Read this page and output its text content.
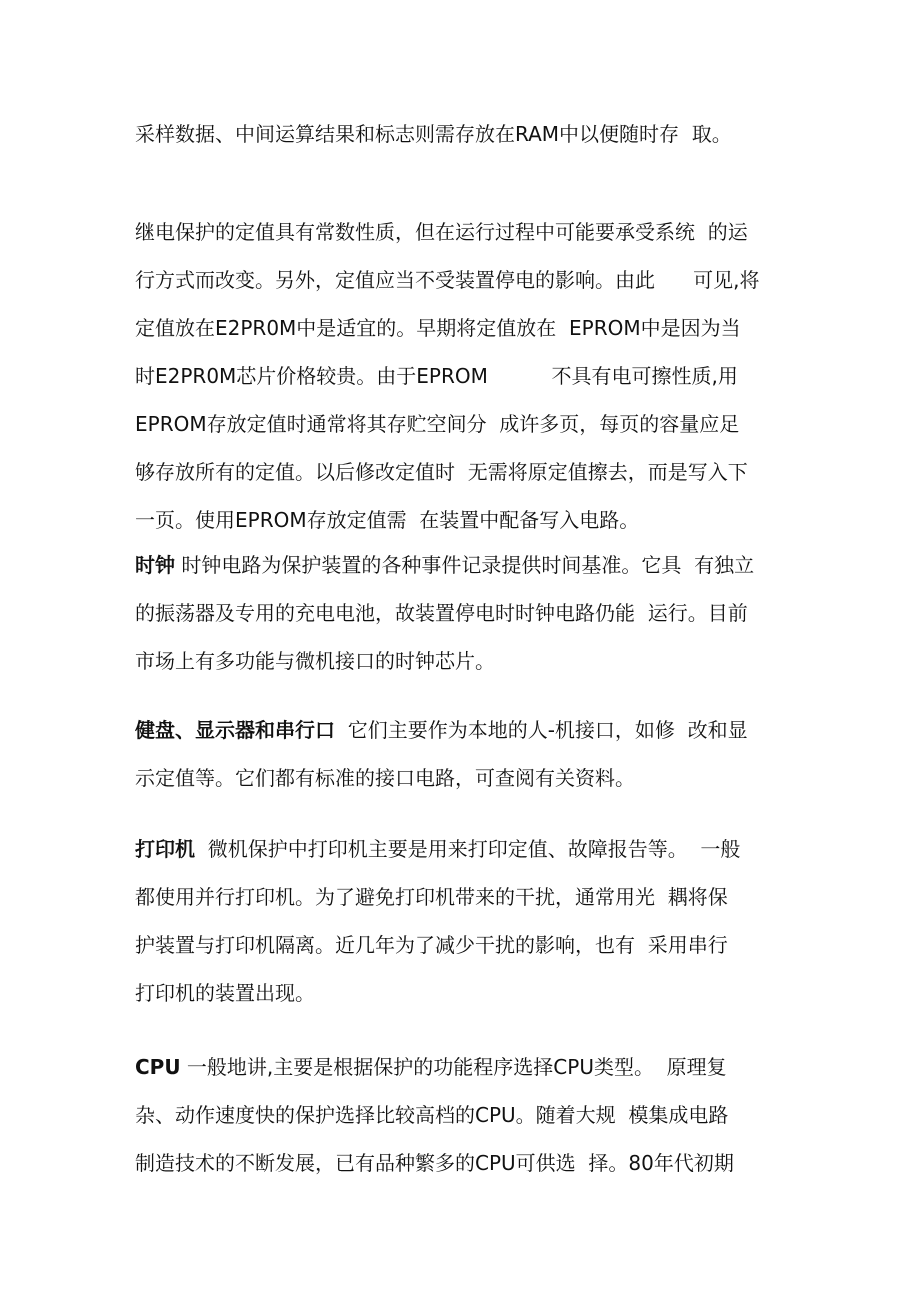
采样数据、中间运算结果和标志则需存放在RAM中以便随时存  取。
继电保护的定值具有常数性质，但在运行过程中可能要承受系统  的运
行方式而改变。另外，定值应当不受装置停电的影响。由此      可见,将
定值放在E2PR0M中是适宜的。早期将定值放在  EPROM中是因为当
时E2PR0M芯片价格较贵。由于EPROM          不具有电可擦性质,用
EPROM存放定值时通常将其存贮空间分  成许多页，每页的容量应足
够存放所有的定值。以后修改定值时  无需将原定值擦去，而是写入下
一页。使用EPROM存放定值需  在装置中配备写入电路。
时钟 时钟电路为保护装置的各种事件记录提供时间基准。它具  有独立
的振荡器及专用的充电电池，故装置停电时时钟电路仍能  运行。目前
市场上有多功能与微机接口的时钟芯片。
健盘、显示器和串行口  它们主要作为本地的人-机接口，如修  改和显
示定值等。它们都有标准的接口电路，可查阅有关资料。
打印机  微机保护中打印机主要是用来打印定值、故障报告等。  一般
都使用并行打印机。为了避免打印机带来的干扰，通常用光  耦将保
护装置与打印机隔离。近几年为了减少干扰的影响，也有  采用串行
打印机的装置出现。
CPU 一般地讲,主要是根据保护的功能程序选择CPU类型。  原理复
杂、动作速度快的保护选择比较高档的CPU。随着大规  模集成电路
制造技术的不断发展，已有品种繁多的CPU可供选  择。80年代初期
